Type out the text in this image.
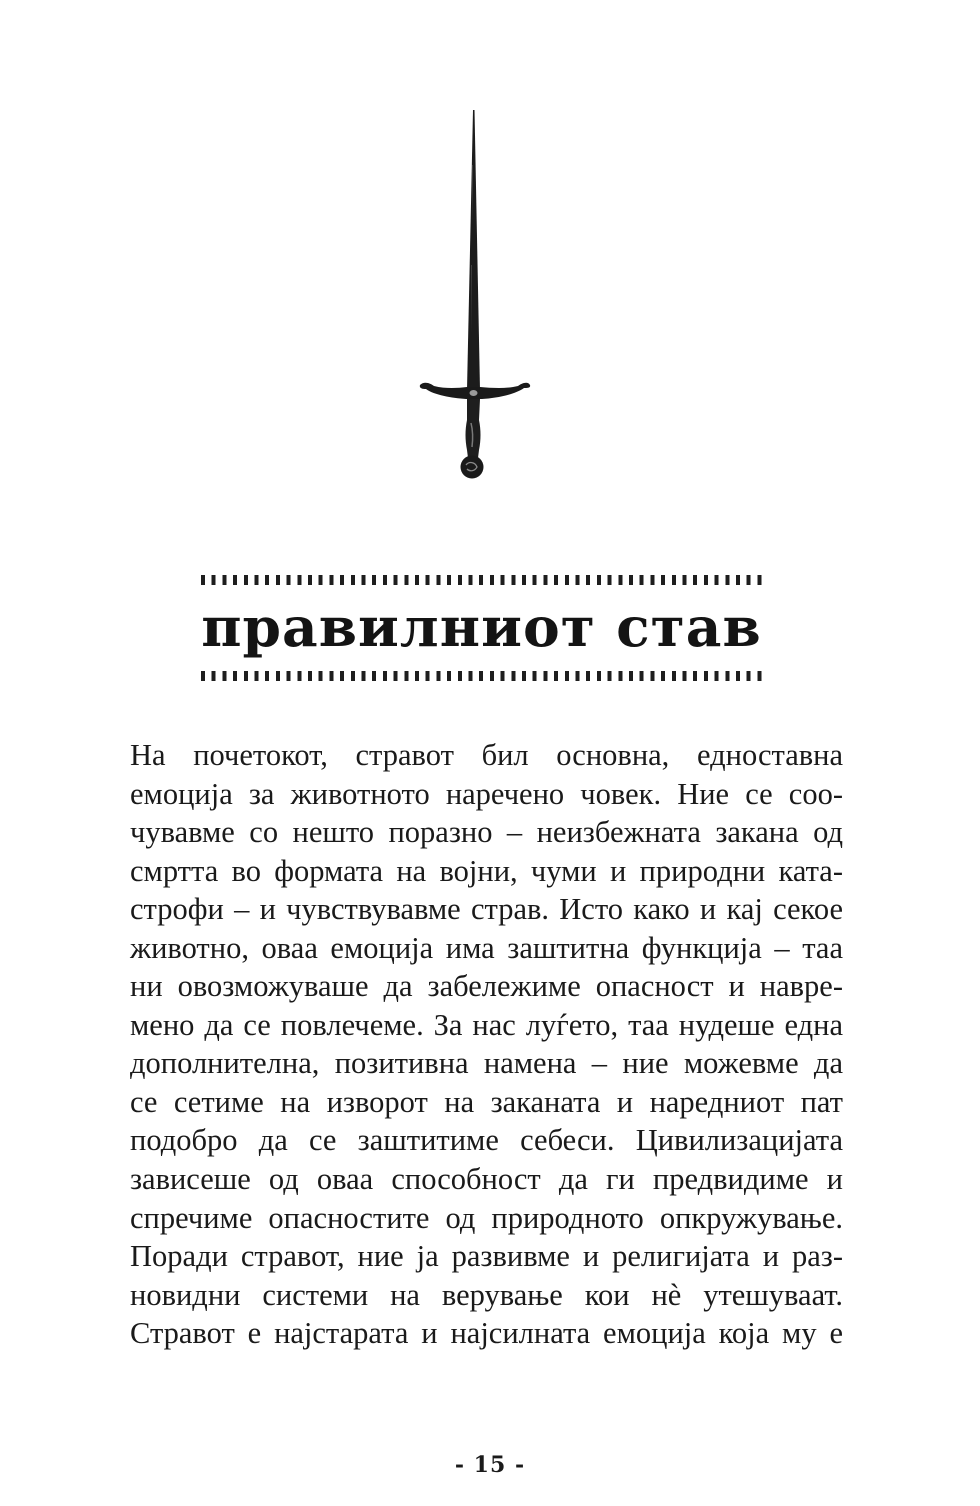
правилниот став
На почетокот, стравот бил основна, едноставна
емоција за животното наречено човек. Ние се соо-
чувавме со нешто поразно – неизбежната закана од
смртта во формата на војни, чуми и природни ката-
строфи – и чувствувавме страв. Исто како и кај секое
животно, оваа емоција има заштитна функција – таа
ни овозможуваше да забележиме опасност и навре-
мено да се повлечеме. За нас луѓето, таа нудеше една
дополнителна, позитивна намена – ние можевме да
се сетиме на изворот на заканата и наредниот пат
подобро да се заштитиме себеси. Цивилизацијата
зависеше од оваа способност да ги предвидиме и
спречиме опасностите од природното опкружување.
Поради стравот, ние ја развивме и религијата и раз-
новидни системи на верување кои нè утешуваат.
Стравот е најстарата и најсилната емоција која му е
- 15 -
